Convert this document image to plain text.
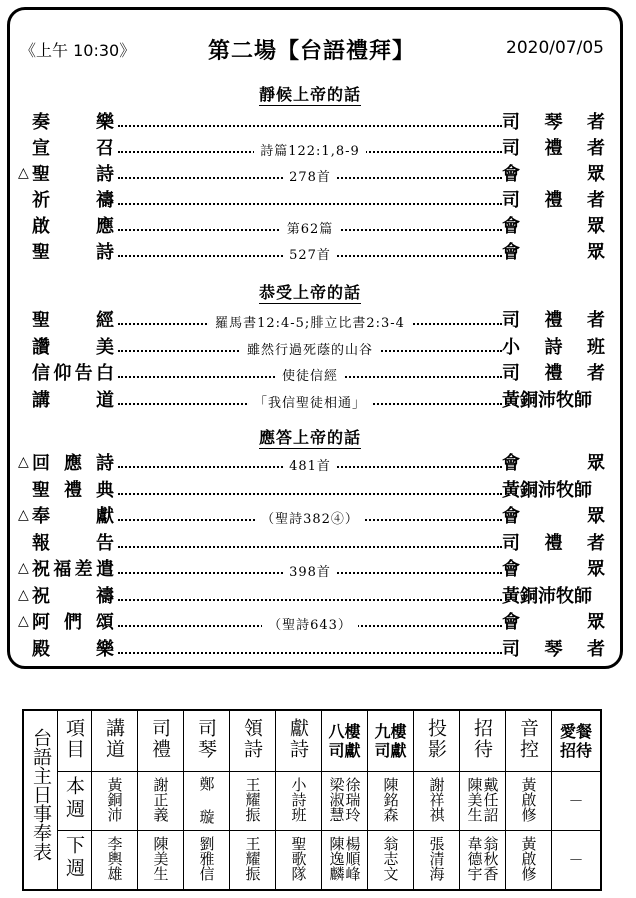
《上午 10:30》	第二場【台語禮拜】	2020/07/05
靜候上帝的話
奏	樂	司 琴 者
宣	召	詩篇122:1,8-9	司 禮 者
△ 聖	詩	278首	會	眾
祈	禱	司 禮 者
啟	應	第62篇	會	眾
聖	詩	527首	會	眾
恭受上帝的話
聖	經	羅馬書12:4-5;腓立比書2:3-4	司 禮 者
讚	美	雖然行過死蔭的山谷	小 詩 班
信 仰 告 白	使徒信經	司 禮 者
講	道	「我信聖徒相通」	黃銅沛牧師
應答上帝的話
△ 回 應 詩	481首	會	眾
聖 禮 典	黃銅沛牧師
△ 奉	獻	（聖詩382④）	會	眾
報	告	司 禮 者
△ 祝 福 差 遣	398首	會	眾
△ 祝	禱	黃銅沛牧師
△ 阿 們 頌	（聖詩643）	會	眾
殿	樂	司 琴 者
台語主日事奉表	項目	講道	司禮	司琴	領詩	獻詩	八樓司獻	九樓司獻	投影	招待	音控	愛餐招待

	本週	黃銅沛	謝正義	鄭 璇	王耀振	小詩班	梁淑慧徐瑞玲	陳銘森	謝祥祺	陳美生戴任詔	黃啟修	－
	下週	李輿雄	陳美生	劉雅信	王耀振	聖歌隊	陳逸麟楊順峰	翁志文	張清海	韋德宇翁秋香	黃啟修	－
